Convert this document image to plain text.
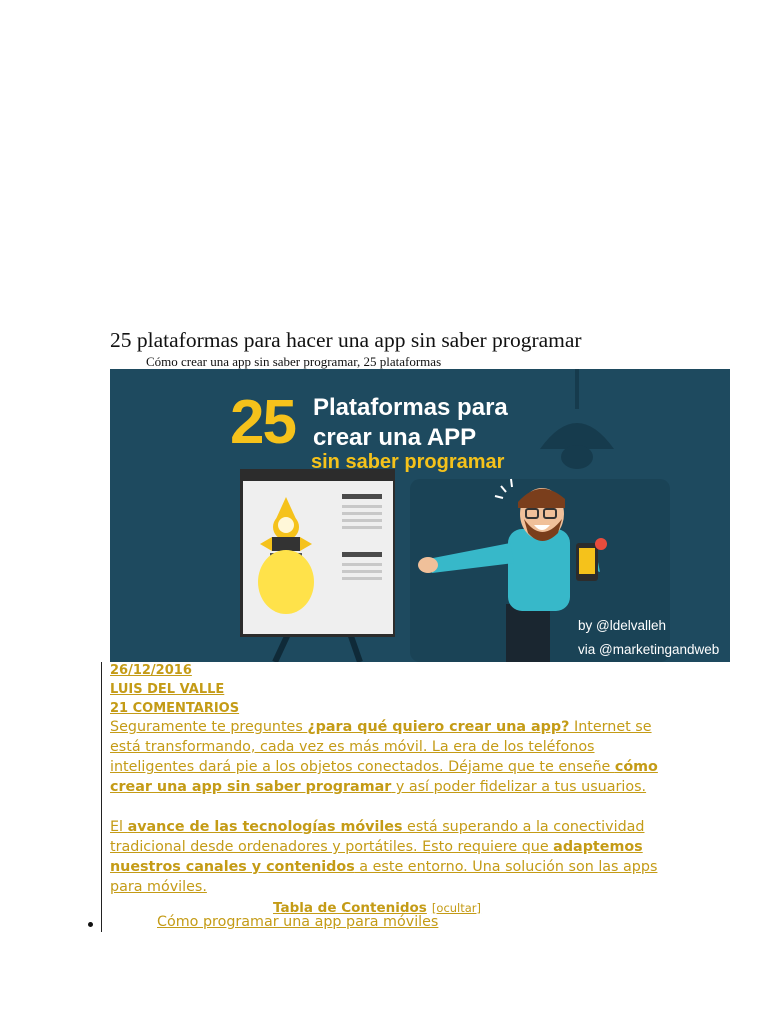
25 plataformas para hacer una app sin saber programar
Cómo crear una app sin saber programar, 25 plataformas
25 Plataformas para
crear una APP
sin saber programar
by @ldelvalleh
via @marketingandweb
26/12/2016
LUIS DEL VALLE
21 COMENTARIOS

Seguramente te preguntes ¿para qué quiero crear una app? Internet se está transformando, cada vez es más móvil. La era de los teléfonos inteligentes dará pie a los objetos conectados. Déjame que te enseñe cómo crear una app sin saber programar y así poder fidelizar a tus usuarios.

El avance de las tecnologías móviles está superando a la conectividad tradicional desde ordenadores y portátiles. Esto requiere que adaptemos nuestros canales y contenidos a este entorno. Una solución son las apps para móviles.

Tabla de Contenidos [ocultar]
Cómo programar una app para móviles
